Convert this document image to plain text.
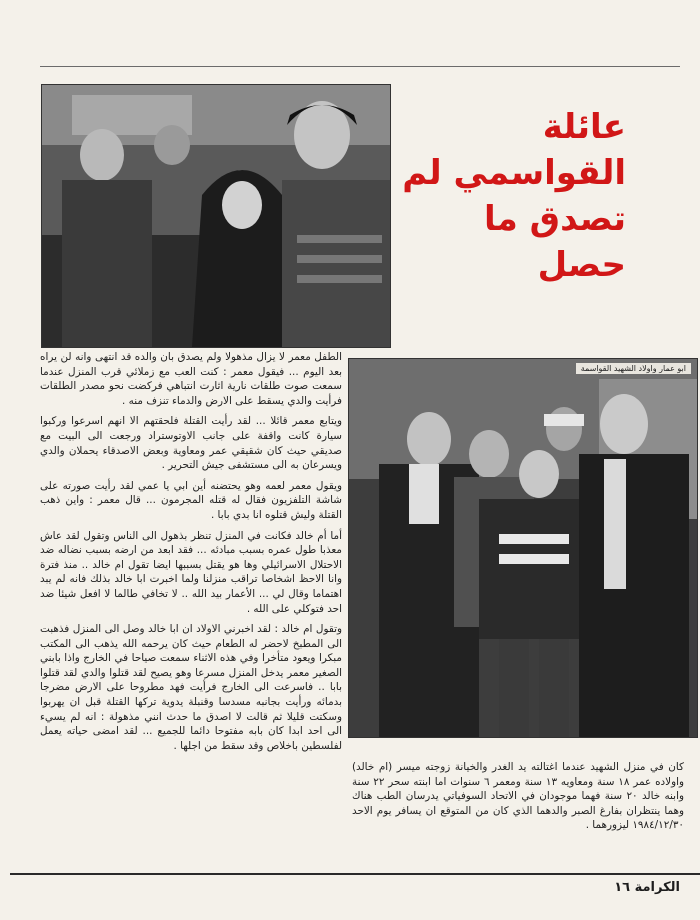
عائلة
القواسمي لم
تصدق ما حصل
ابو عمار واولاد الشهيد القواسمة

الطفل معمر لا يزال مذهولا ولم يصدق بان والده قد انتهى وانه لن يراه بعد اليوم ... فيقول معمر : كنت العب مع زملائي قرب المنزل عندما سمعت صوت طلقات نارية اثارت انتباهي فركضت نحو مصدر الطلقات فرأيت والدي يسقط على الارض والدماء تنزف منه .

ويتابع معمر قائلا ... لقد رأيت القتلة فلحقتهم الا انهم اسرعوا وركبوا سيارة كانت واقفة على جانب الاوتوستراد ورجعت الى البيت مع صديقي حيث كان شقيقي عمر ومعاوية وبعض الاصدقاء يحملان والدي ويسرعان به الى مستشفى جيش التحرير .

ويقول معمر لعمه وهو يحتضنه أين ابي يا عمي لقد رأيت صورته على شاشة التلفزيون فقال له قتله المجرمون ... قال معمر : واين ذهب القتلة وليش قتلوه انا بدي بابا .

أما أم خالد فكانت في المنزل تنظر بذهول الى الناس وتقول لقد عاش معذبا طول عمره بسبب مبادئه ... فقد ابعد من ارضه بسبب نضاله ضد الاحتلال الاسرائيلي وها هو يقتل بسببها ايضا تقول ام خالد .. منذ فترة وانا الاحظ اشخاصا تراقب منزلنا ولما اخبرت ابا خالد بذلك فانه لم يبد اهتماما وقال لي ... الأعمار بيد الله .. لا تخافي طالما لا افعل شيئا ضد احد فتوكلي على الله .

وتقول ام خالد : لقد اخبرني الاولاد ان ابا خالد وصل الى المنزل فذهبت الى المطبخ لاحضر له الطعام حيث كان يرحمه الله يذهب الى المكتب مبكرا ويعود متأخرا وفي هذه الاثناء سمعت صياحا في الخارج واذا بابني الصغير معمر يدخل المنزل مسرعا وهو يصيح لقد قتلوا والدي لقد قتلوا بابا .. فاسرعت الى الخارج فرأيت فهد مطروحا على الارض مضرجا بدمائه ورأيت بجانبه مسدسا وقنبلة يدوية تركها القتلة قبل ان يهربوا وسكتت قليلا ثم قالت لا اصدق ما حدث انني مذهولة : انه لم يسيء الى احد ابدا كان بابه مفتوحا دائما للجميع ... لقد امضى حياته يعمل لفلسطين باخلاص وقد سقط من اجلها .

كان في منزل الشهيد عندما اغتالته يد الغدر والخيانة زوجته ميسر (ام خالد) واولاده عمر ١٨ سنة ومعاويه ١٣ سنة ومعمر ٦ سنوات اما ابنته سحر ٢٢ سنة وابنه خالد ٢٠ سنة فهما موجودان في الاتحاد السوفياتي يدرسان الطب هناك وهما ينتظران بفارغ الصبر والدهما الذي كان من المتوقع ان يسافر يوم الاحد ١٩٨٤/١٢/٣٠ ليزورهما .

الكرامة ١٦
